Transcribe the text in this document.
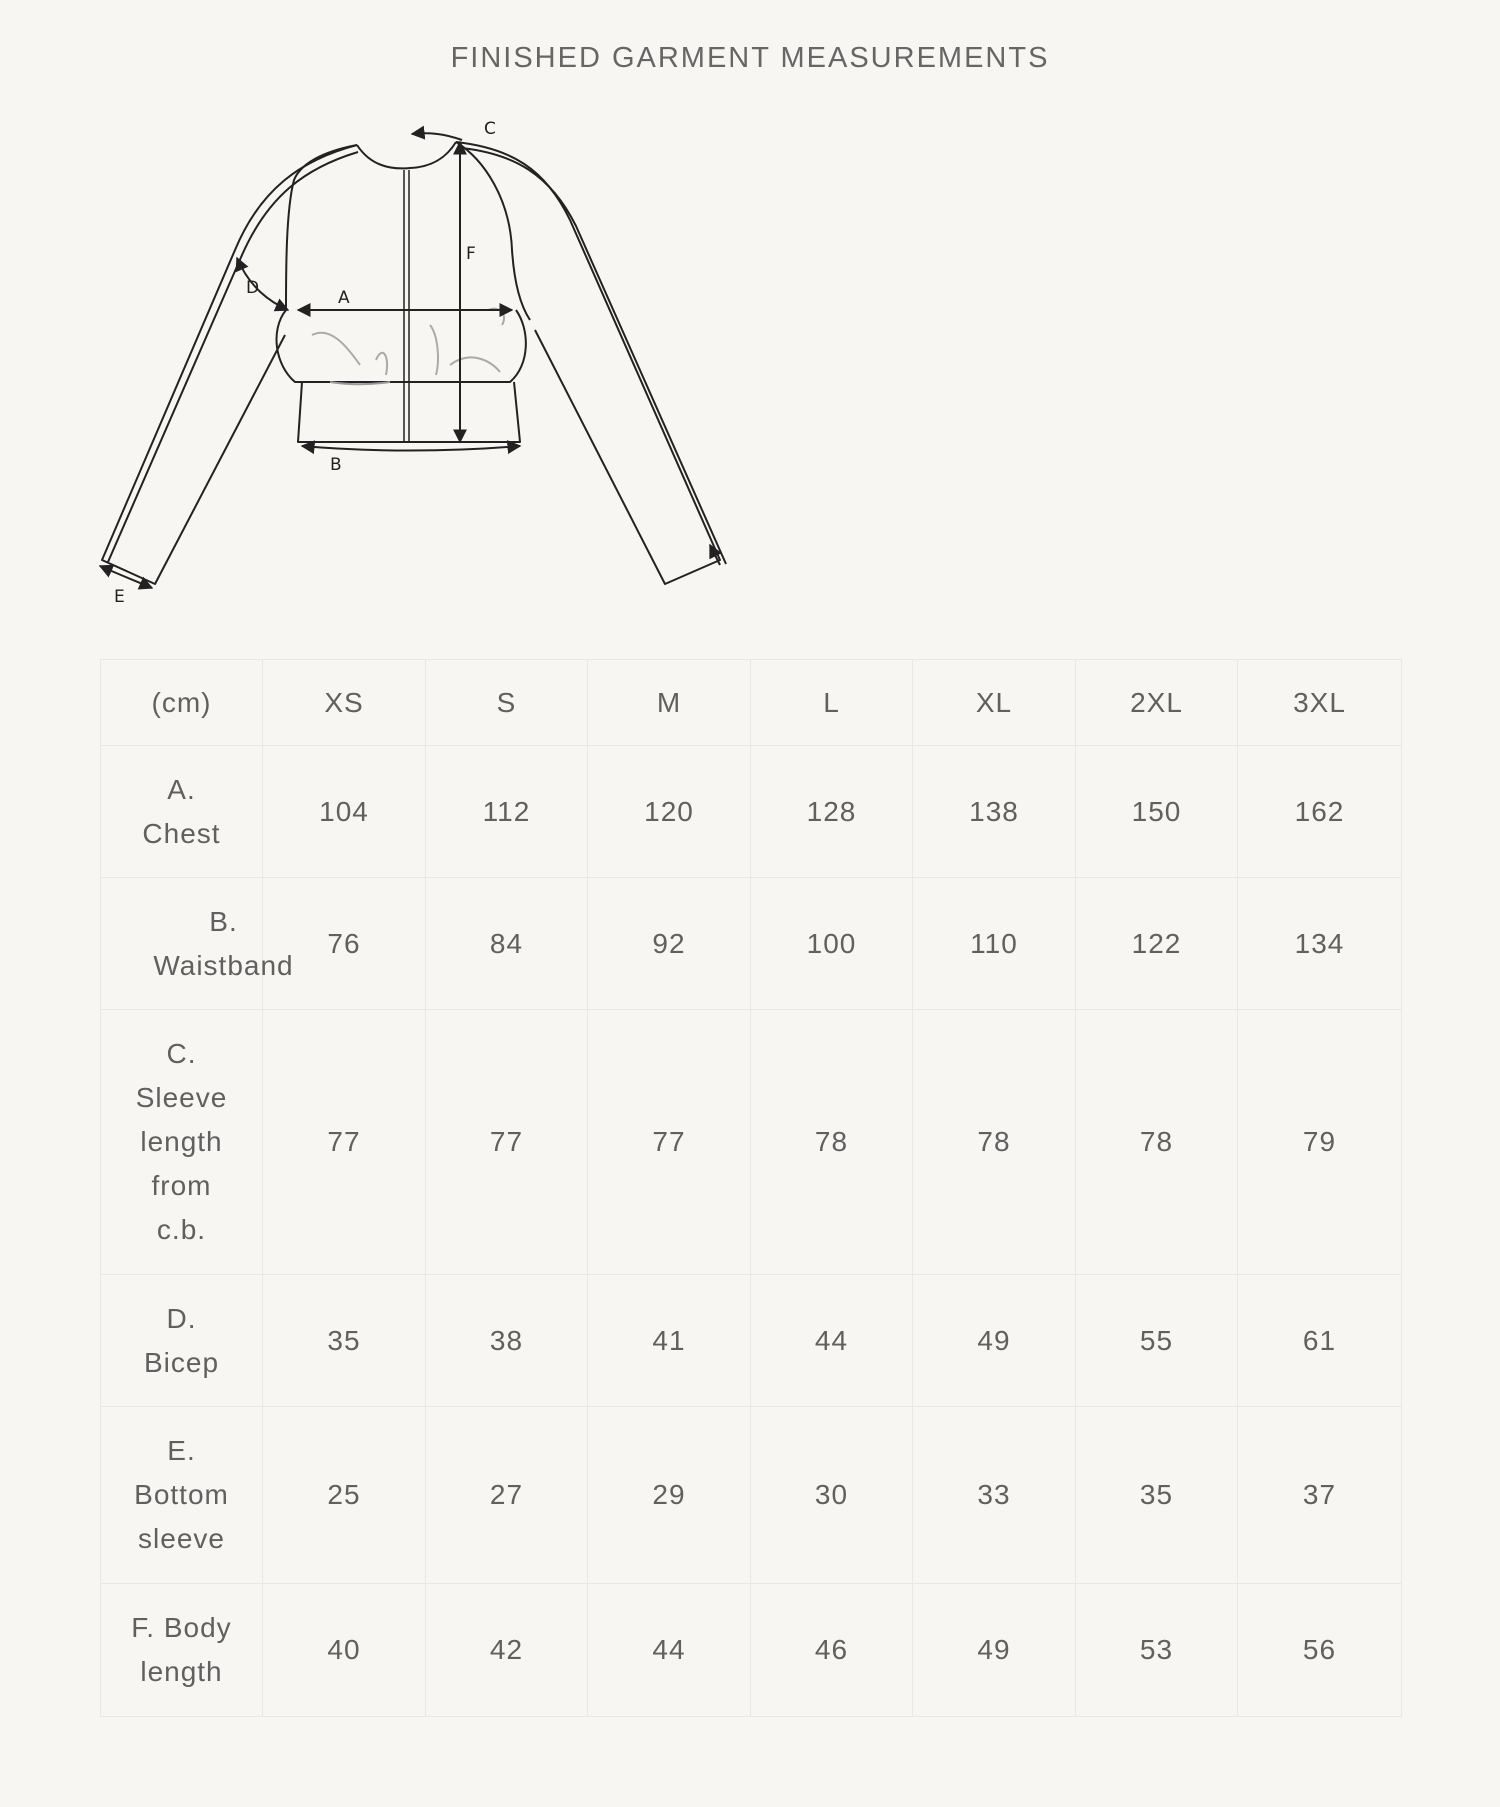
FINISHED GARMENT MEASUREMENTS
A
B
C
D
E
F
(cm)	XS	S	M	L	XL	2XL	3XL
A. Chest	104	112	120	128	138	150	162
B. Waistband	76	84	92	100	110	122	134
C. Sleeve length from c.b.	77	77	77	78	78	78	79
D. Bicep	35	38	41	44	49	55	61
E. Bottom sleeve	25	27	29	30	33	35	37
F. Body length	40	42	44	46	49	53	56
